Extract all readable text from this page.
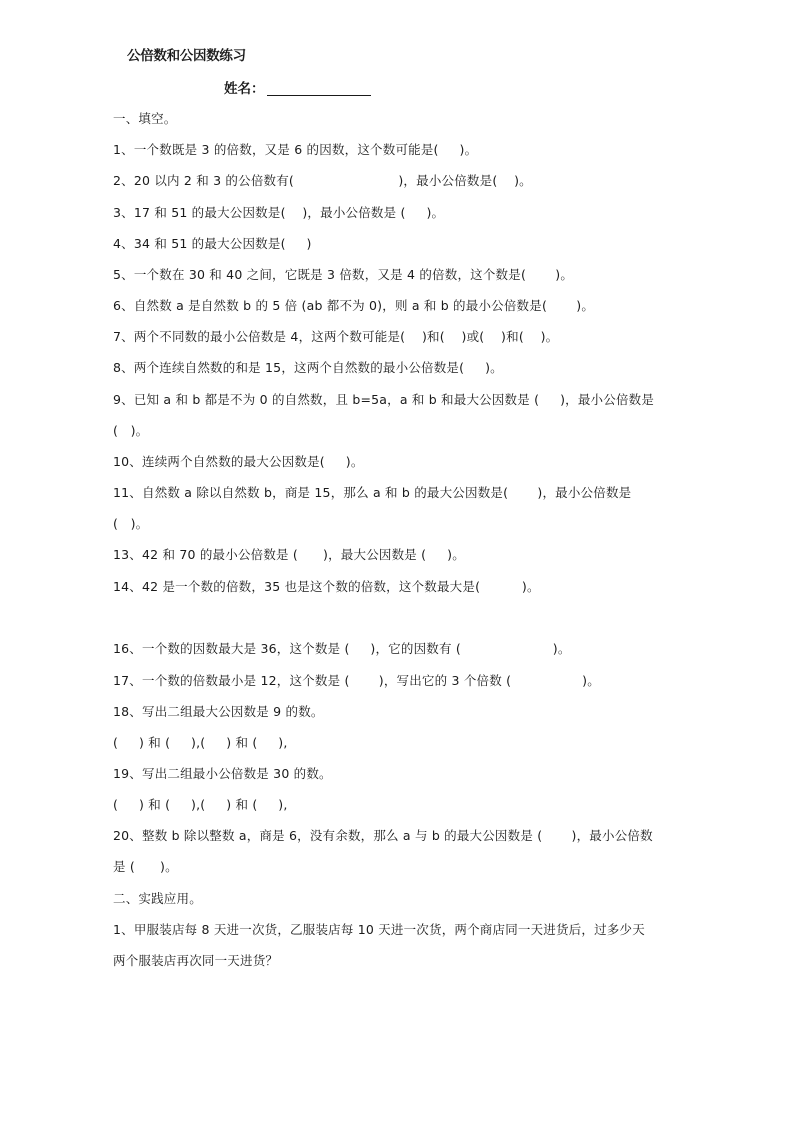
公倍数和公因数练习
姓名：
一、填空。
1、一个数既是 3 的倍数，又是 6 的因数，这个数可能是(     )。
2、20 以内 2 和 3 的公倍数有(                         )，最小公倍数是(    )。
3、17 和 51 的最大公因数是(    )，最小公倍数是 (     )。
4、34 和 51 的最大公因数是(     )
5、一个数在 30 和 40 之间，它既是 3 倍数，又是 4 的倍数，这个数是(       )。
6、自然数 a 是自然数 b 的 5 倍 (ab 都不为 0)，则 a 和 b 的最小公倍数是(       )。
7、两个不同数的最小公倍数是 4，这两个数可能是(    )和(    )或(    )和(    )。
8、两个连续自然数的和是 15，这两个自然数的最小公倍数是(     )。
9、已知 a 和 b 都是不为 0 的自然数，且 b=5a，a 和 b 和最大公因数是 (     )，最小公倍数是
(   )。
10、连续两个自然数的最大公因数是(     )。
11、自然数 a 除以自然数 b，商是 15，那么 a 和 b 的最大公因数是(       )，最小公倍数是
(   )。
13、42 和 70 的最小公倍数是 (      )，最大公因数是 (     )。
14、42 是一个数的倍数，35 也是这个数的倍数，这个数最大是(          )。
16、一个数的因数最大是 36，这个数是 (     )，它的因数有 (                      )。
17、一个数的倍数最小是 12，这个数是 (       )，写出它的 3 个倍数 (                 )。
18、写出二组最大公因数是 9 的数。
(     ) 和 (     ),(     ) 和 (     ),
19、写出二组最小公倍数是 30 的数。
(     ) 和 (     ),(     ) 和 (     ),
20、整数 b 除以整数 a，商是 6，没有余数，那么 a 与 b 的最大公因数是 (       )，最小公倍数
是 (      )。
二、实践应用。
1、甲服装店每 8 天进一次货，乙服装店每 10 天进一次货，两个商店同一天进货后，过多少天
两个服装店再次同一天进货？
